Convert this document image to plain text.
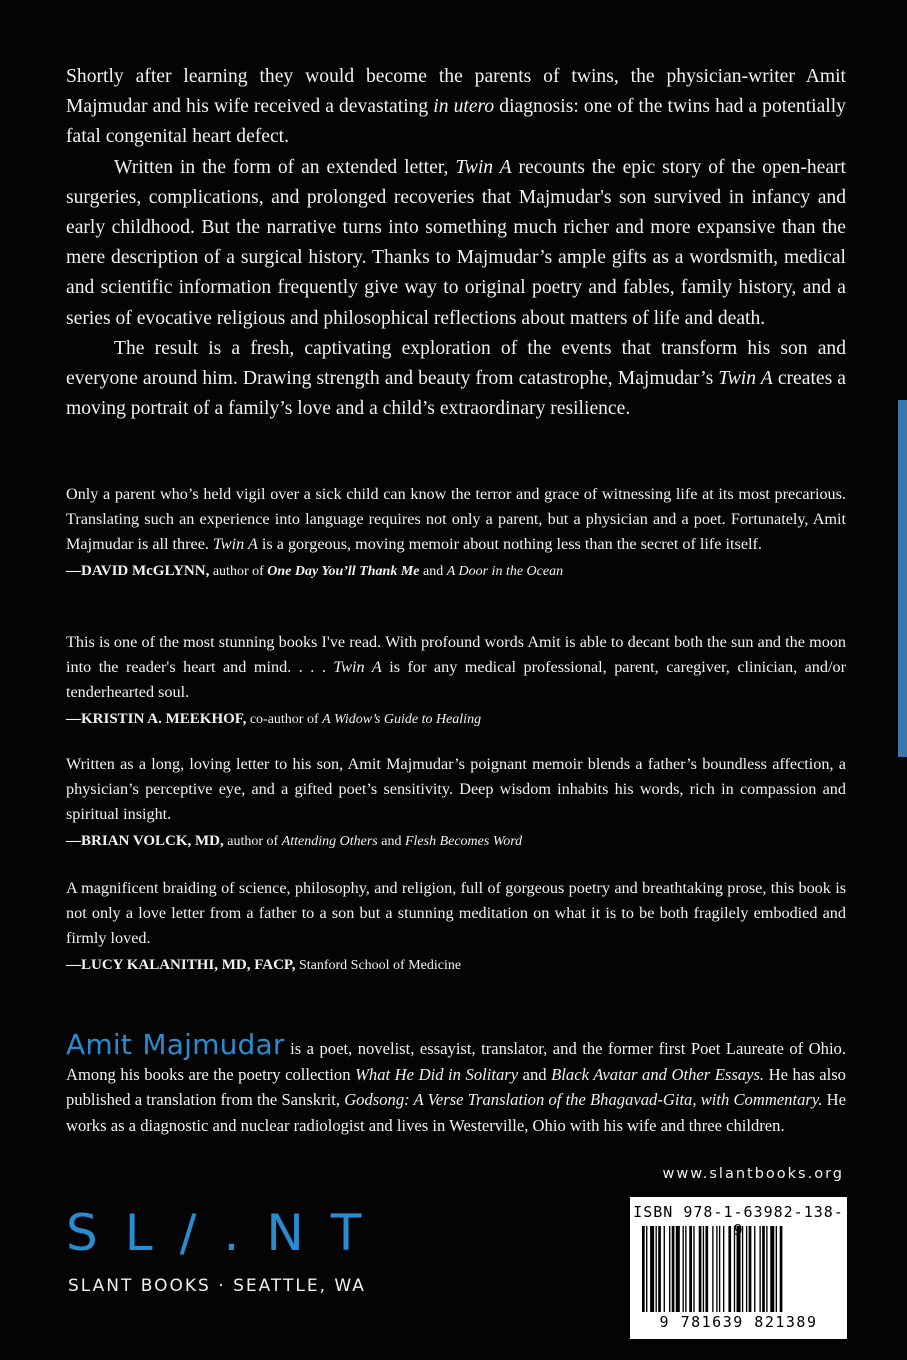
Shortly after learning they would become the parents of twins, the physician-writer Amit Majmudar and his wife received a devastating in utero diagnosis: one of the twins had a potentially fatal congenital heart defect.

Written in the form of an extended letter, Twin A recounts the epic story of the open-heart surgeries, complications, and prolonged recoveries that Majmudar's son survived in infancy and early childhood. But the narrative turns into something much richer and more expansive than the mere description of a surgical history. Thanks to Majmudar’s ample gifts as a wordsmith, medical and scientific information frequently give way to original poetry and fables, family history, and a series of evocative religious and philosophical reflections about matters of life and death.

The result is a fresh, captivating exploration of the events that transform his son and everyone around him. Drawing strength and beauty from catastrophe, Majmudar’s Twin A creates a moving portrait of a family’s love and a child’s extraordinary resilience.

Only a parent who’s held vigil over a sick child can know the terror and grace of witnessing life at its most precarious. Translating such an experience into language requires not only a parent, but a physician and a poet. Fortunately, Amit Majmudar is all three. Twin A is a gorgeous, moving memoir about nothing less than the secret of life itself.

—DAVID McGLYNN, author of One Day You’ll Thank Me and A Door in the Ocean

This is one of the most stunning books I've read. With profound words Amit is able to decant both the sun and the moon into the reader's heart and mind. . . . Twin A is for any medical professional, parent, caregiver, clinician, and/or tenderhearted soul.

—KRISTIN A. MEEKHOF, co-author of A Widow’s Guide to Healing

Written as a long, loving letter to his son, Amit Majmudar’s poignant memoir blends a father’s boundless affection, a physician’s perceptive eye, and a gifted poet’s sensitivity. Deep wisdom inhabits his words, rich in compassion and spiritual insight.

—BRIAN VOLCK, MD, author of Attending Others and Flesh Becomes Word

A magnificent braiding of science, philosophy, and religion, full of gorgeous poetry and breathtaking prose, this book is not only a love letter from a father to a son but a stunning meditation on what it is to be both fragilely embodied and firmly loved.

—LUCY KALANITHI, MD, FACP, Stanford School of Medicine
Amit Majmudar is a poet, novelist, essayist, translator, and the former first Poet Laureate of Ohio. Among his books are the poetry collection What He Did in Solitary and Black Avatar and Other Essays. He has also published a translation from the Sanskrit, Godsong: A Verse Translation of the Bhagavad-Gita, with Commentary. He works as a diagnostic and nuclear radiologist and lives in Westerville, Ohio with his wife and three children.
www.slantbooks.org
SL/.NT
SLANT BOOKS · SEATTLE, WA
ISBN 978-1-63982-138-
9 781639 821389
